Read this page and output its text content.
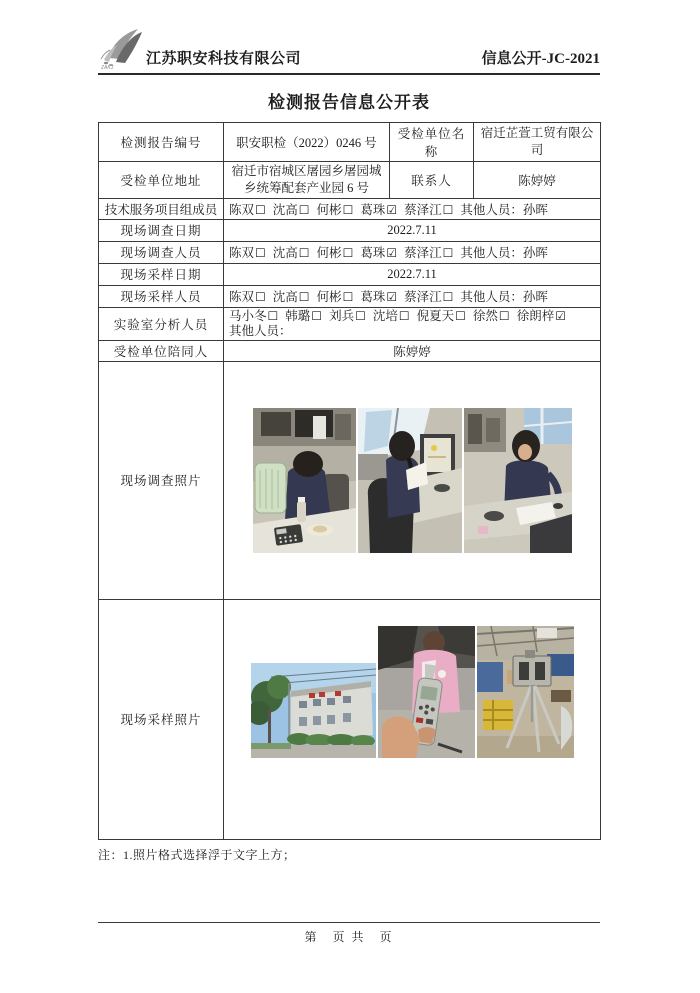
ZAKJ
江苏职安科技有限公司	信息公开-JC-2021
检测报告信息公开表
检测报告编号	职安职检（2022）0246 号	受检单位名称	宿迁芷萱工贸有限公司
受检单位地址	宿迁市宿城区屠园乡屠园城乡统筹配套产业园 6 号	联系人	陈婷婷
技术服务项目组成员	陈双☐ 沈高☐ 何彬☐ 葛珠☑ 蔡泽江☐ 其他人员：孙晖		
现场调查日期	2022.7.11		
现场调查人员	陈双☐ 沈高☐ 何彬☐ 葛珠☑ 蔡泽江☐ 其他人员：孙晖		
现场采样日期	2022.7.11		
现场采样人员	陈双☐ 沈高☐ 何彬☐ 葛珠☑ 蔡泽江☐ 其他人员：孙晖		
实验室分析人员	马小冬☐ 韩璐☐ 刘兵☐ 沈培☐ 倪夏天☐ 徐然☐ 徐朗梓☑
其他人员：		

受检单位陪同人	陈婷婷		
现场调查照片	

现场采样照片	
注：1.照片格式选择浮于文字上方；
第　页 共　页
